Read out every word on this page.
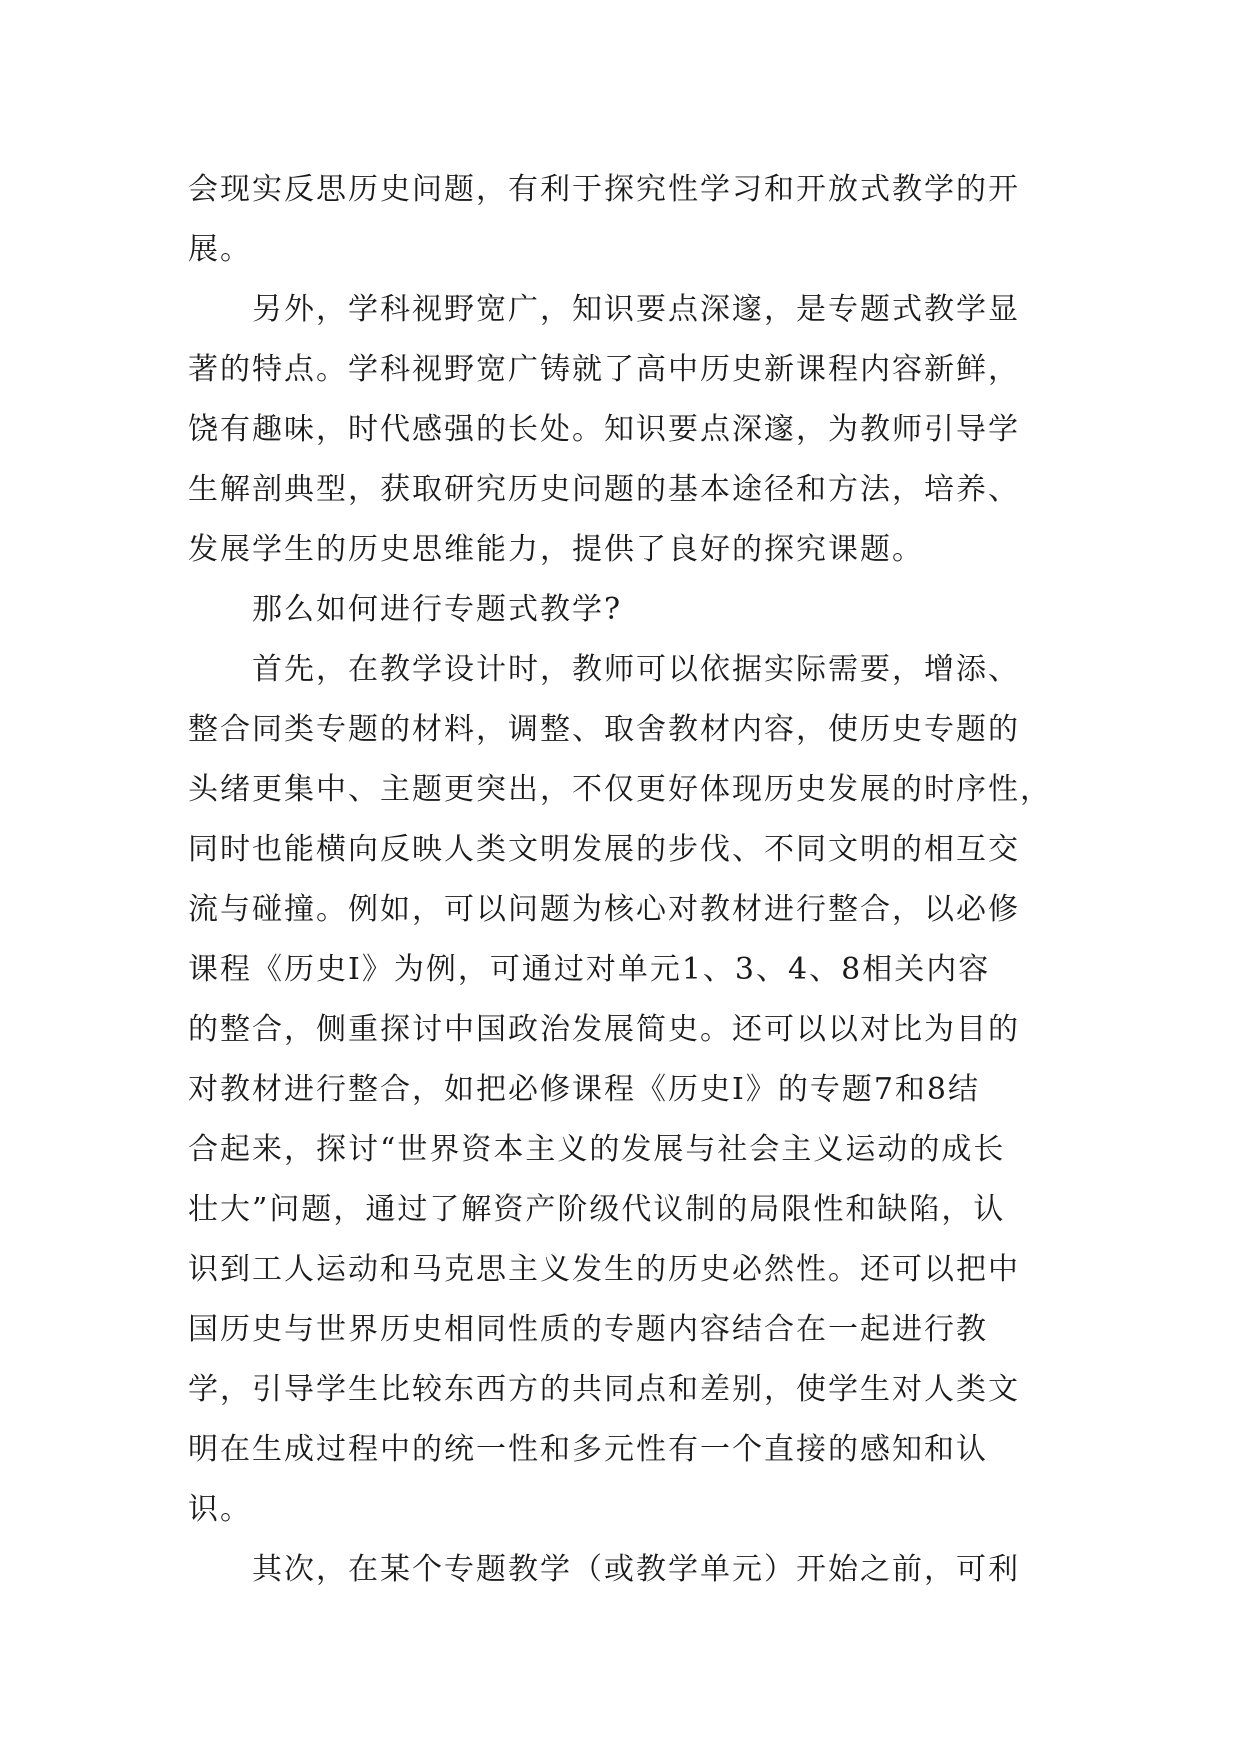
会现实反思历史问题，有利于探究性学习和开放式教学的开
展。
另外，学科视野宽广，知识要点深邃，是专题式教学显
著的特点。学科视野宽广铸就了高中历史新课程内容新鲜，
饶有趣味，时代感强的长处。知识要点深邃，为教师引导学
生解剖典型，获取研究历史问题的基本途径和方法，培养、
发展学生的历史思维能力，提供了良好的探究课题。
那么如何进行专题式教学?
首先，在教学设计时，教师可以依据实际需要，增添、
整合同类专题的材料，调整、取舍教材内容，使历史专题的
头绪更集中、主题更突出，不仅更好体现历史发展的时序性，
同时也能横向反映人类文明发展的步伐、不同文明的相互交
流与碰撞。例如，可以问题为核心对教材进行整合，以必修
课程《历史Ⅰ》为例，可通过对单元1、3、4、8相关内容
的整合，侧重探讨中国政治发展简史。还可以以对比为目的
对教材进行整合，如把必修课程《历史Ⅰ》的专题7和8结
合起来，探讨“世界资本主义的发展与社会主义运动的成长
壮大”问题，通过了解资产阶级代议制的局限性和缺陷，认
识到工人运动和马克思主义发生的历史必然性。还可以把中
国历史与世界历史相同性质的专题内容结合在一起进行教
学，引导学生比较东西方的共同点和差别，使学生对人类文
明在生成过程中的统一性和多元性有一个直接的感知和认
识。
其次，在某个专题教学（或教学单元）开始之前，可利
